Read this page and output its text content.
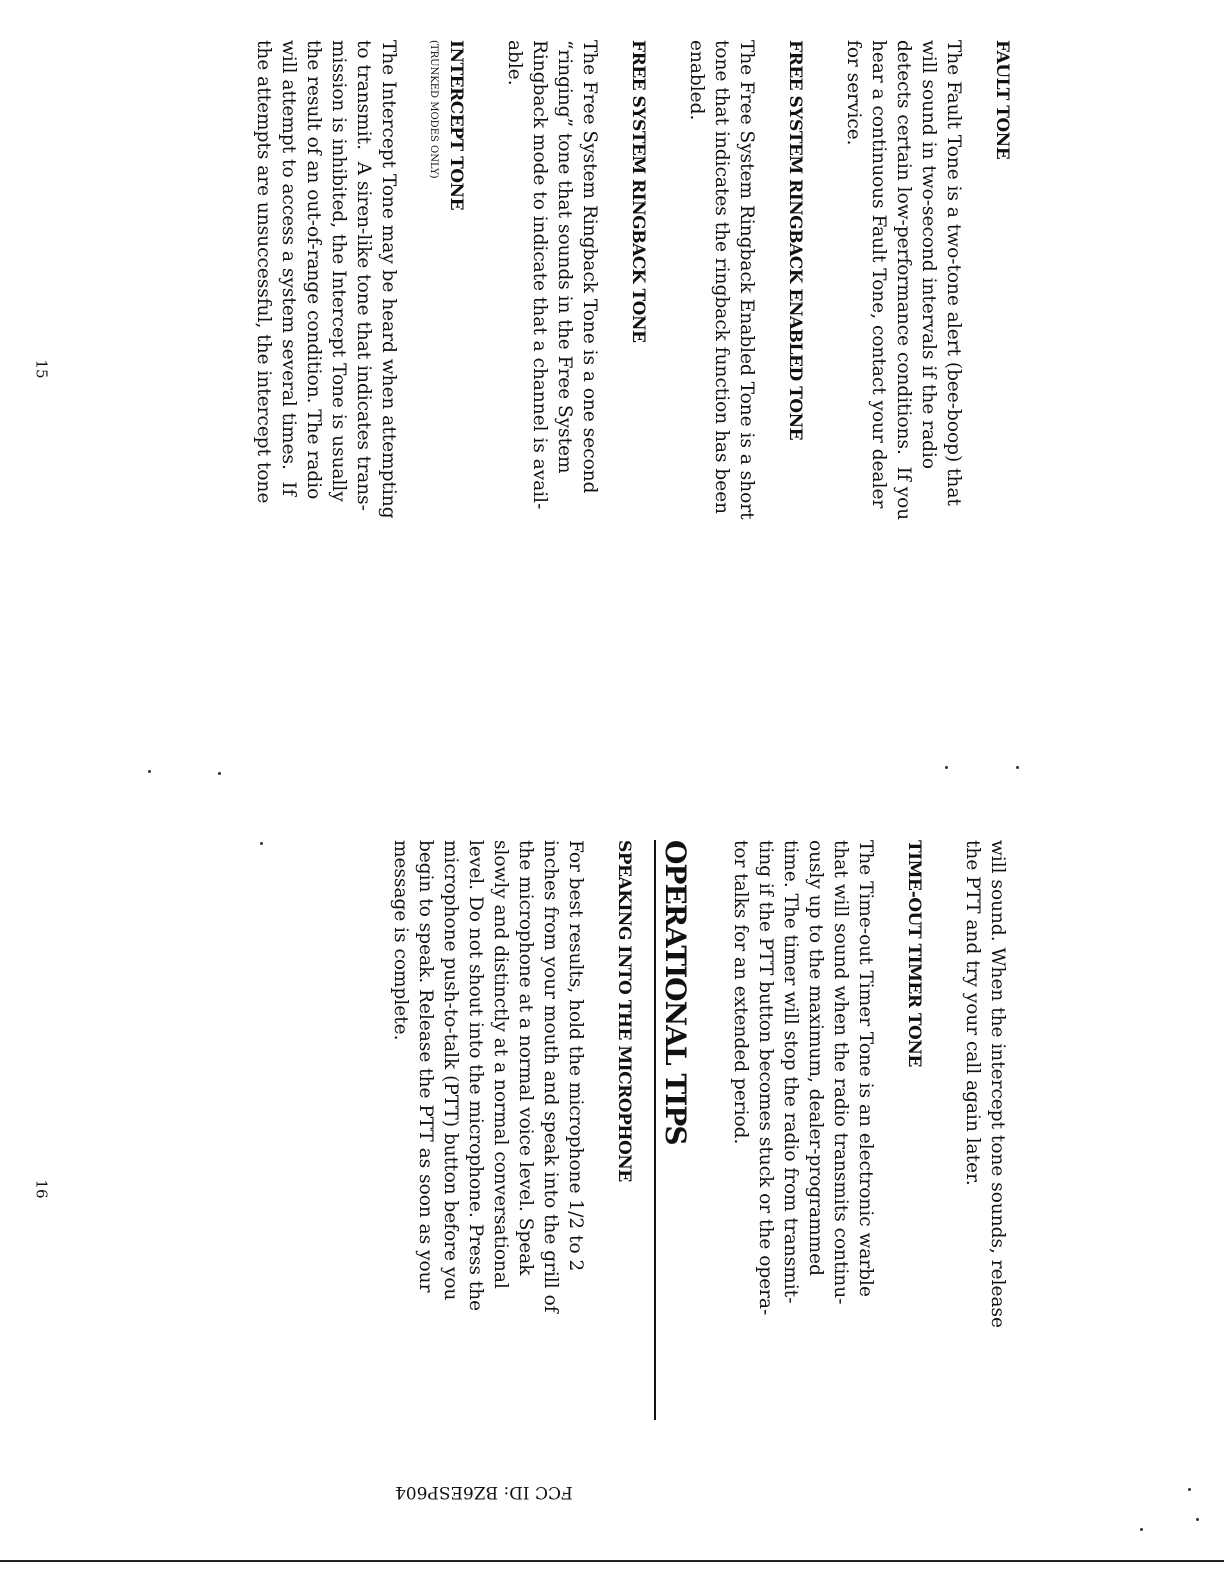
FAULT TONE

The Fault Tone is a two-tone alert (bee-boop) that

will sound in two-second intervals if the radio

detects certain low-performance conditions.  If you

hear a continuous Fault Tone, contact your dealer

for service.

FREE SYSTEM RINGBACK ENABLED TONE

The Free System Ringback Enabled Tone is a short

tone that indicates the ringback function has been

enabled.

FREE SYSTEM RINGBACK TONE

The Free System Ringback Tone is a one second

“ringing” tone that sounds in the Free System

Ringback mode to indicate that a channel is avail-

able.

INTERCEPT TONE

(TRUNKED MODES ONLY)

The Intercept Tone may be heard when attempting

to transmit.  A siren-like tone that indicates trans-

mission is inhibited, the Intercept Tone is usually

the result of an out-of-range condition. The radio

will attempt to access a system several times.  If

the attempts are unsuccessful, the intercept tone

15

will sound. When the intercept tone sounds, release

the PTT and try your call again later.

TIME-OUT TIMER TONE

The Time-out Timer Tone is an electronic warble

that will sound when the radio transmits continu-

ously up to the maximum, dealer-programmed

time. The timer will stop the radio from transmit-

ting if the PTT button becomes stuck or the opera-

tor talks for an extended period.

OPERATIONAL TIPS
SPEAKING INTO THE MICROPHONE

For best results, hold the microphone 1/2 to 2

inches from your mouth and speak into the grill of

the microphone at a normal voice level. Speak

slowly and distinctly at a normal conversational

level. Do not shout into the microphone. Press the

microphone push-to-talk (PTT) button before you

begin to speak. Release the PTT as soon as your

message is complete.

16
FCC ID: BZ6ESP604
